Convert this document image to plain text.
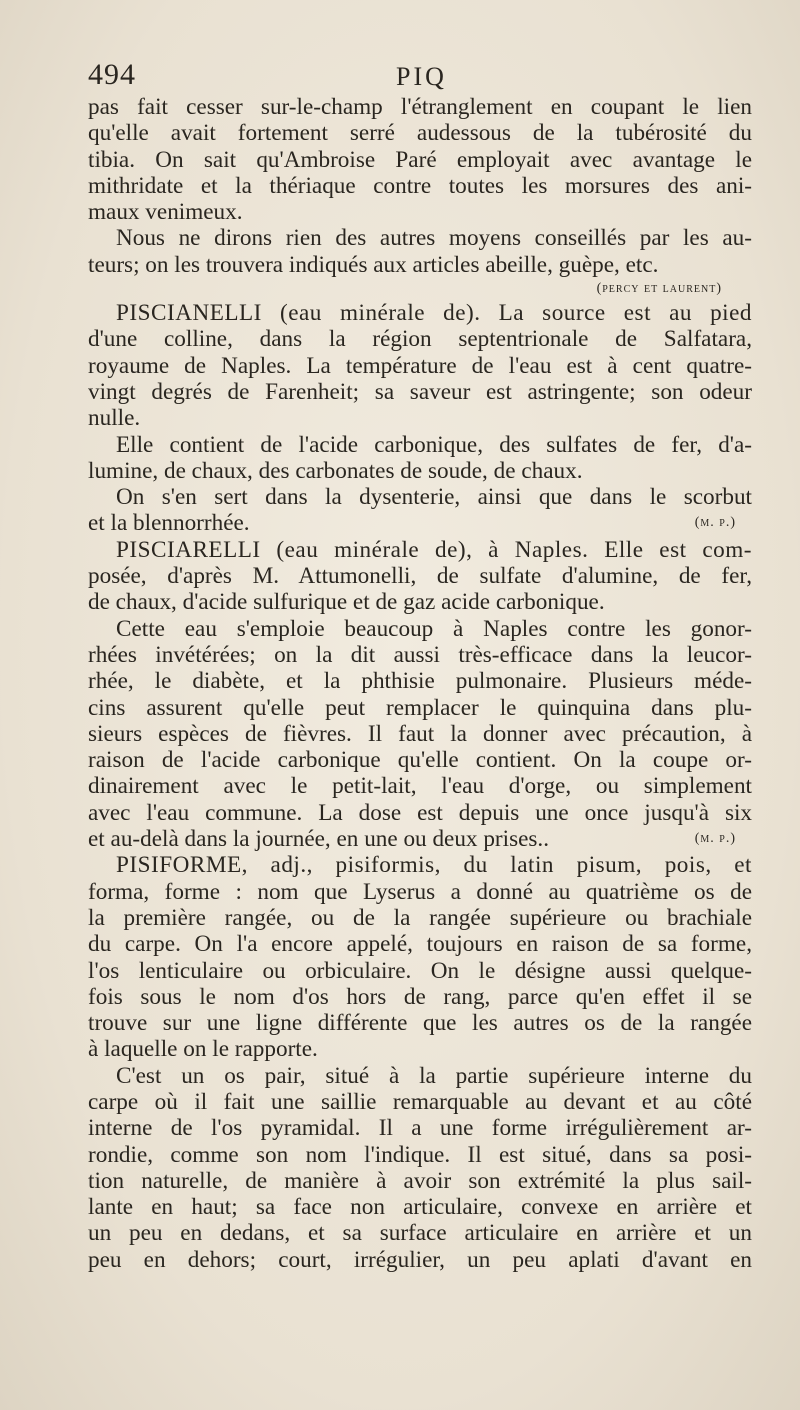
494	PIQ
pas fait cesser sur-le-champ l'étranglement en coupant le lien
qu'elle avait fortement serré audessous de la tubérosité du
tibia. On sait qu'Ambroise Paré employait avec avantage le
mithridate et la thériaque contre toutes les morsures des ani-
maux venimeux.
Nous ne dirons rien des autres moyens conseillés par les au-
teurs; on les trouvera indiqués aux articles abeille, guèpe, etc.
(percy et laurent)
PISCIANELLI (eau minérale de). La source est au pied
d'une colline, dans la région septentrionale de Salfatara,
royaume de Naples. La température de l'eau est à cent quatre-
vingt degrés de Farenheit; sa saveur est astringente; son odeur
nulle.
Elle contient de l'acide carbonique, des sulfates de fer, d'a-
lumine, de chaux, des carbonates de soude, de chaux.
On s'en sert dans la dysenterie, ainsi que dans le scorbut
et la blennorrhée.	(m. p.)
PISCIARELLI (eau minérale de), à Naples. Elle est com-
posée, d'après M. Attumonelli, de sulfate d'alumine, de fer,
de chaux, d'acide sulfurique et de gaz acide carbonique.
Cette eau s'emploie beaucoup à Naples contre les gonor-
rhées invétérées; on la dit aussi très-efficace dans la leucor-
rhée, le diabète, et la phthisie pulmonaire. Plusieurs méde-
cins assurent qu'elle peut remplacer le quinquina dans plu-
sieurs espèces de fièvres. Il faut la donner avec précaution, à
raison de l'acide carbonique qu'elle contient. On la coupe or-
dinairement avec le petit-lait, l'eau d'orge, ou simplement
avec l'eau commune. La dose est depuis une once jusqu'à six
et au-delà dans la journée, en une ou deux prises..	(m. p.)
PISIFORME, adj., pisiformis, du latin pisum, pois, et
forma, forme : nom que Lyserus a donné au quatrième os de
la première rangée, ou de la rangée supérieure ou brachiale
du carpe. On l'a encore appelé, toujours en raison de sa forme,
l'os lenticulaire ou orbiculaire. On le désigne aussi quelque-
fois sous le nom d'os hors de rang, parce qu'en effet il se
trouve sur une ligne différente que les autres os de la rangée
à laquelle on le rapporte.
C'est un os pair, situé à la partie supérieure interne du
carpe où il fait une saillie remarquable au devant et au côté
interne de l'os pyramidal. Il a une forme irrégulièrement ar-
rondie, comme son nom l'indique. Il est situé, dans sa posi-
tion naturelle, de manière à avoir son extrémité la plus sail-
lante en haut; sa face non articulaire, convexe en arrière et
un peu en dedans, et sa surface articulaire en arrière et un
peu en dehors; court, irrégulier, un peu aplati d'avant en
